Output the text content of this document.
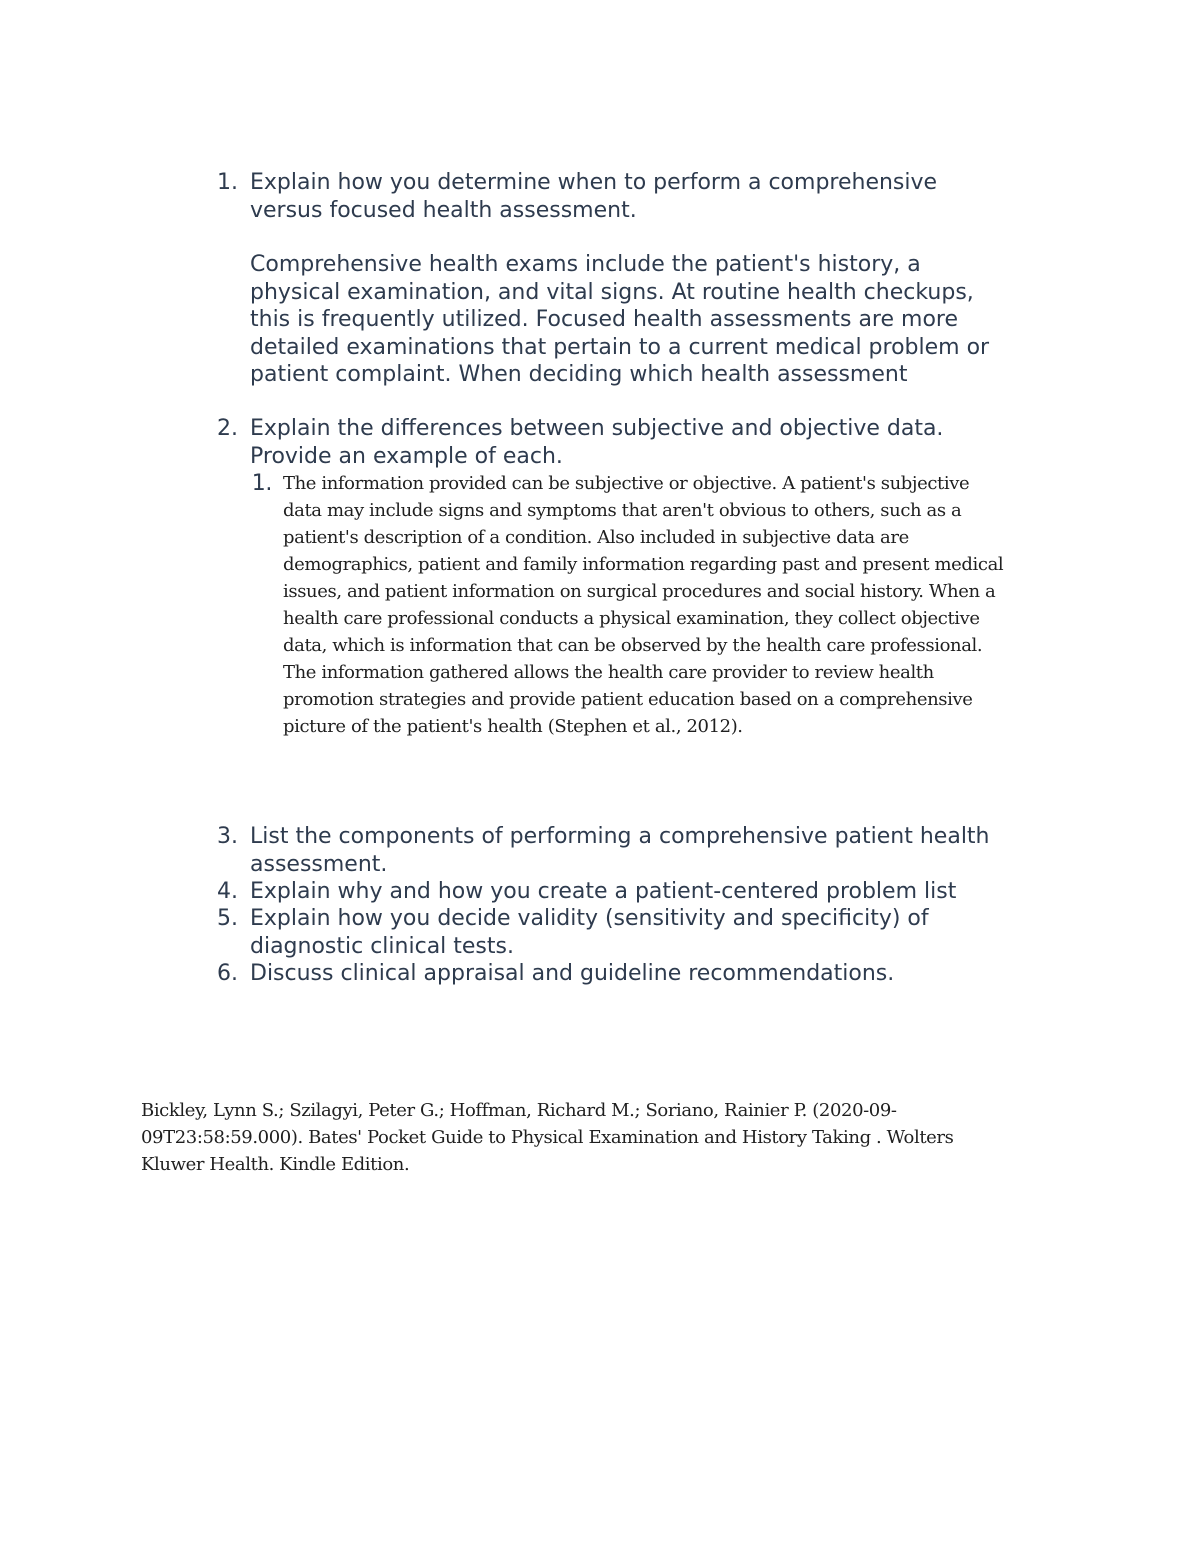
1. Explain how you determine when to perform a comprehensive
versus focused health assessment.
Comprehensive health exams include the patient's history, a
physical examination, and vital signs. At routine health checkups,
this is frequently utilized. Focused health assessments are more
detailed examinations that pertain to a current medical problem or
patient complaint. When deciding which health assessment
2. Explain the differences between subjective and objective data.
Provide an example of each.
1. The information provided can be subjective or objective. A patient's subjective
data may include signs and symptoms that aren't obvious to others, such as a
patient's description of a condition. Also included in subjective data are
demographics, patient and family information regarding past and present medical
issues, and patient information on surgical procedures and social history. When a
health care professional conducts a physical examination, they collect objective
data, which is information that can be observed by the health care professional.
The information gathered allows the health care provider to review health
promotion strategies and provide patient education based on a comprehensive
picture of the patient's health (Stephen et al., 2012).
3. List the components of performing a comprehensive patient health
assessment.
4. Explain why and how you create a patient-centered problem list
5. Explain how you decide validity (sensitivity and specificity) of
diagnostic clinical tests.
6. Discuss clinical appraisal and guideline recommendations.
Bickley, Lynn S.; Szilagyi, Peter G.; Hoffman, Richard M.; Soriano, Rainier P. (2020-09-
09T23:58:59.000). Bates' Pocket Guide to Physical Examination and History Taking . Wolters
Kluwer Health. Kindle Edition.
